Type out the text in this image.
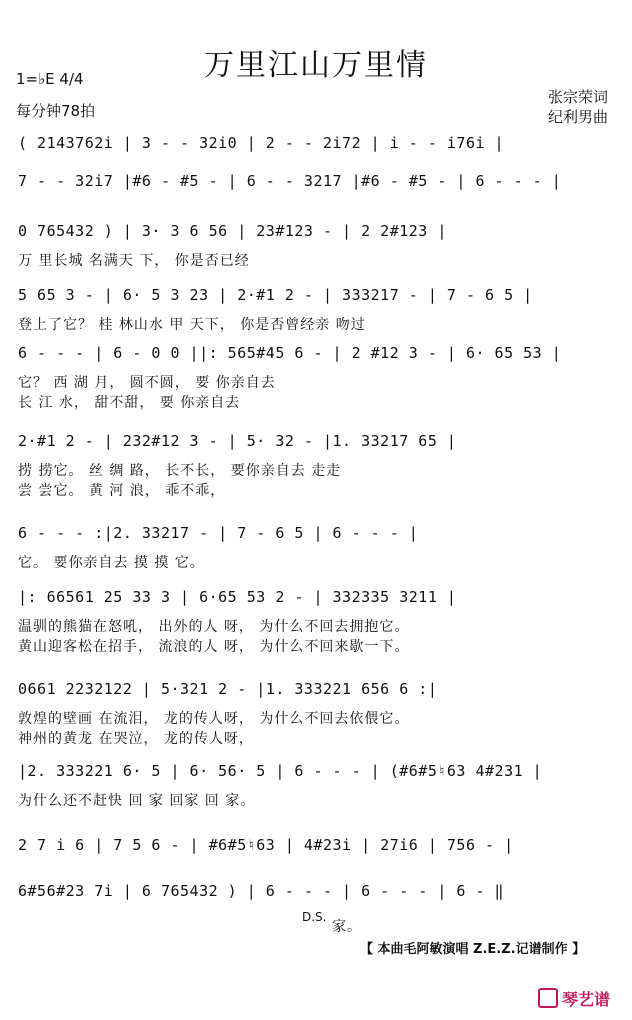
万里江山万里情
1=♭E 4/4
每分钟78拍
张宗荣词
纪利男曲
( 2143762i | 3 - - 32i0 | 2 - - 2i72 | i - - i76i |
7 - - 32i7 |#6 - #5 - | 6 - - 3217 |#6 - #5 - | 6 - - - |
0 765432 ) | 3· 3 6 56 | 23#123 - | 2 2#123 |
万 里长城 名满天 下， 你是否已经
5 65 3 - | 6· 5 3 23 | 2·#1 2 - | 333217 - | 7 - 6 5 |
登上了它？ 桂 林山水 甲 天下， 你是否曾经亲 吻过
6 - - - | 6 - 0 0 ||: 565#45 6 - | 2 #12 3 - | 6· 65 53 |
它？ 西 湖 月， 圆不圆， 要 你亲自去
长 江 水， 甜不甜， 要 你亲自去
2·#1 2 - | 232#12 3 - | 5· 32 - |1. 33217 65 |
捞 捞它。 丝 绸 路， 长不长， 要你亲自去 走走
尝 尝它。 黄 河 浪， 乖不乖，
6 - - - :|2. 33217 - | 7 - 6 5 | 6 - - - |
它。 要你亲自去 摸 摸 它。
|: 66561 25 33 3 | 6·65 53 2 - | 332335 3211 |
温驯的熊猫在怒吼， 出外的人 呀， 为什么不回去拥抱它。
黄山迎客松在招手， 流浪的人 呀， 为什么不回来歇一下。
0661 2232122 | 5·321 2 - |1. 333221 656 6 :|
敦煌的壁画 在流泪， 龙的传人呀， 为什么不回去依偎它。
神州的黄龙 在哭泣， 龙的传人呀，
|2. 333221 6· 5 | 6· 56· 5 | 6 - - - | (#6#5♮63 4#231 |
为什么还不赶快 回 家 回家 回 家。
2 7 i 6 | 7 5 6 - | #6#5♮63 | 4#23i | 27i6 | 756 - |
6#56#23 7i | 6 765432 ) | 6 - - - | 6 - - - | 6 - ‖
D.S.
家。
【 本曲毛阿敏演唱 Z.E.Z.记谱制作 】
琴艺谱
